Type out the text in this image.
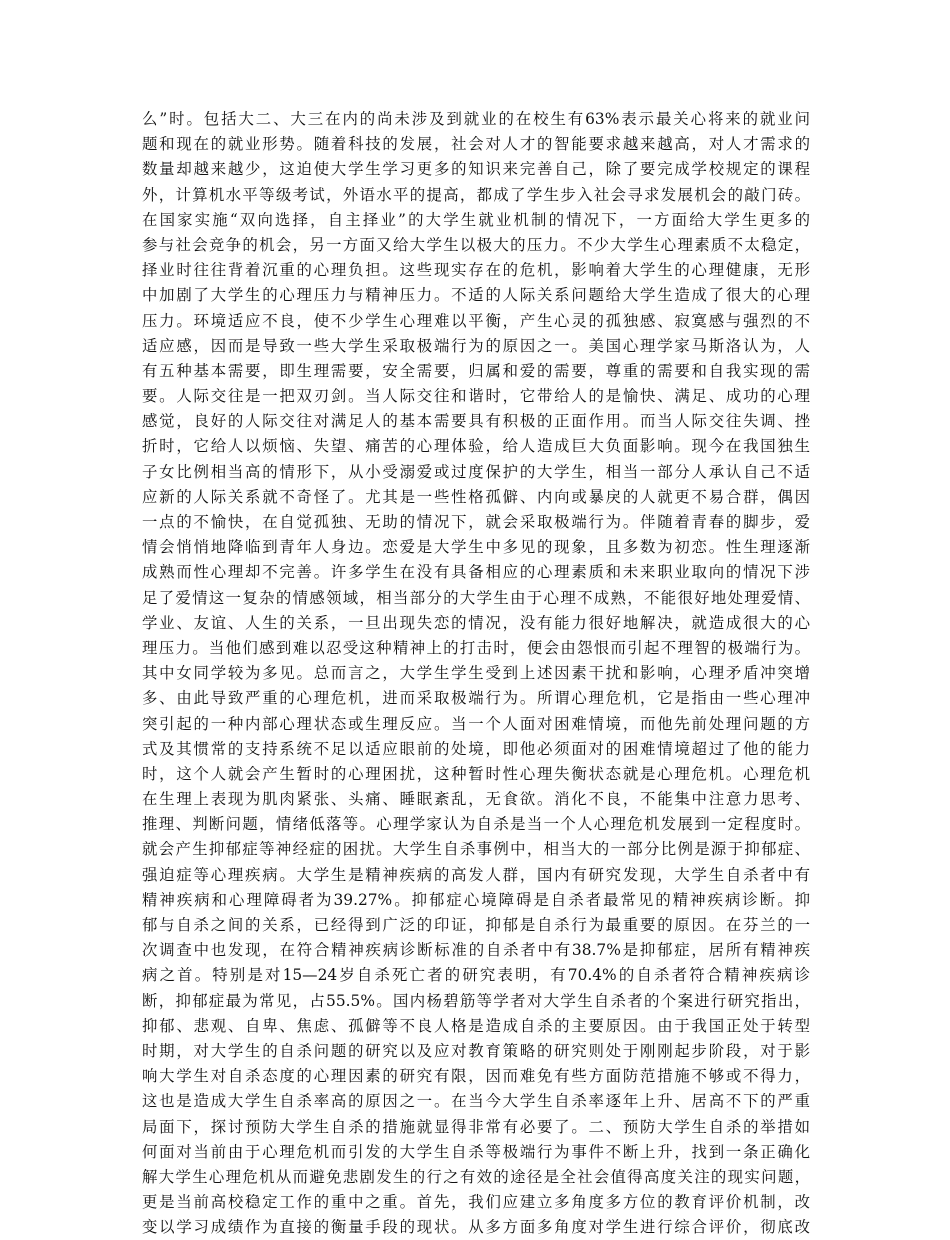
么”时。包括大二、大三在内的尚未涉及到就业的在校生有63%表示最关心将来的就业问
题和现在的就业形势。随着科技的发展，社会对人才的智能要求越来越高，对人才需求的
数量却越来越少，这迫使大学生学习更多的知识来完善自己，除了要完成学校规定的课程
外，计算机水平等级考试，外语水平的提高，都成了学生步入社会寻求发展机会的敲门砖。
在国家实施“双向选择，自主择业”的大学生就业机制的情况下，一方面给大学生更多的
参与社会竞争的机会，另一方面又给大学生以极大的压力。不少大学生心理素质不太稳定，
择业时往往背着沉重的心理负担。这些现实存在的危机，影响着大学生的心理健康，无形
中加剧了大学生的心理压力与精神压力。不适的人际关系问题给大学生造成了很大的心理
压力。环境适应不良，使不少学生心理难以平衡，产生心灵的孤独感、寂寞感与强烈的不
适应感，因而是导致一些大学生采取极端行为的原因之一。美国心理学家马斯洛认为，人
有五种基本需要，即生理需要，安全需要，归属和爱的需要，尊重的需要和自我实现的需
要。人际交往是一把双刃剑。当人际交往和谐时，它带给人的是愉快、满足、成功的心理
感觉，良好的人际交往对满足人的基本需要具有积极的正面作用。而当人际交往失调、挫
折时，它给人以烦恼、失望、痛苦的心理体验，给人造成巨大负面影响。现今在我国独生
子女比例相当高的情形下，从小受溺爱或过度保护的大学生，相当一部分人承认自己不适
应新的人际关系就不奇怪了。尤其是一些性格孤僻、内向或暴戾的人就更不易合群，偶因
一点的不愉快，在自觉孤独、无助的情况下，就会采取极端行为。伴随着青春的脚步，爱
情会悄悄地降临到青年人身边。恋爱是大学生中多见的现象，且多数为初恋。性生理逐渐
成熟而性心理却不完善。许多学生在没有具备相应的心理素质和未来职业取向的情况下涉
足了爱情这一复杂的情感领域，相当部分的大学生由于心理不成熟，不能很好地处理爱情、
学业、友谊、人生的关系，一旦出现失恋的情况，没有能力很好地解决，就造成很大的心
理压力。当他们感到难以忍受这种精神上的打击时，便会由怨恨而引起不理智的极端行为。
其中女同学较为多见。总而言之，大学生学生受到上述因素干扰和影响，心理矛盾冲突增
多、由此导致严重的心理危机，进而采取极端行为。所谓心理危机，它是指由一些心理冲
突引起的一种内部心理状态或生理反应。当一个人面对困难情境，而他先前处理问题的方
式及其惯常的支持系统不足以适应眼前的处境，即他必须面对的困难情境超过了他的能力
时，这个人就会产生暂时的心理困扰，这种暂时性心理失衡状态就是心理危机。心理危机
在生理上表现为肌肉紧张、头痛、睡眠紊乱，无食欲。消化不良，不能集中注意力思考、
推理、判断问题，情绪低落等。心理学家认为自杀是当一个人心理危机发展到一定程度时。
就会产生抑郁症等神经症的困扰。大学生自杀事例中，相当大的一部分比例是源于抑郁症、
强迫症等心理疾病。大学生是精神疾病的高发人群，国内有研究发现，大学生自杀者中有
精神疾病和心理障碍者为39.27%。抑郁症心境障碍是自杀者最常见的精神疾病诊断。抑
郁与自杀之间的关系，已经得到广泛的印证，抑郁是自杀行为最重要的原因。在芬兰的一
次调查中也发现，在符合精神疾病诊断标准的自杀者中有38.7%是抑郁症，居所有精神疾
病之首。特别是对15—24岁自杀死亡者的研究表明，有70.4%的自杀者符合精神疾病诊
断，抑郁症最为常见，占55.5%。国内杨碧筋等学者对大学生自杀者的个案进行研究指出，
抑郁、悲观、自卑、焦虑、孤僻等不良人格是造成自杀的主要原因。由于我国正处于转型
时期，对大学生的自杀问题的研究以及应对教育策略的研究则处于刚刚起步阶段，对于影
响大学生对自杀态度的心理因素的研究有限，因而难免有些方面防范措施不够或不得力，
这也是造成大学生自杀率高的原因之一。在当今大学生自杀率逐年上升、居高不下的严重
局面下，探讨预防大学生自杀的措施就显得非常有必要了。二、预防大学生自杀的举措如
何面对当前由于心理危机而引发的大学生自杀等极端行为事件不断上升，找到一条正确化
解大学生心理危机从而避免悲剧发生的行之有效的途径是全社会值得高度关注的现实问题，
更是当前高校稳定工作的重中之重。首先，我们应建立多角度多方位的教育评价机制，改
变以学习成绩作为直接的衡量手段的现状。从多方面多角度对学生进行综合评价，彻底改
